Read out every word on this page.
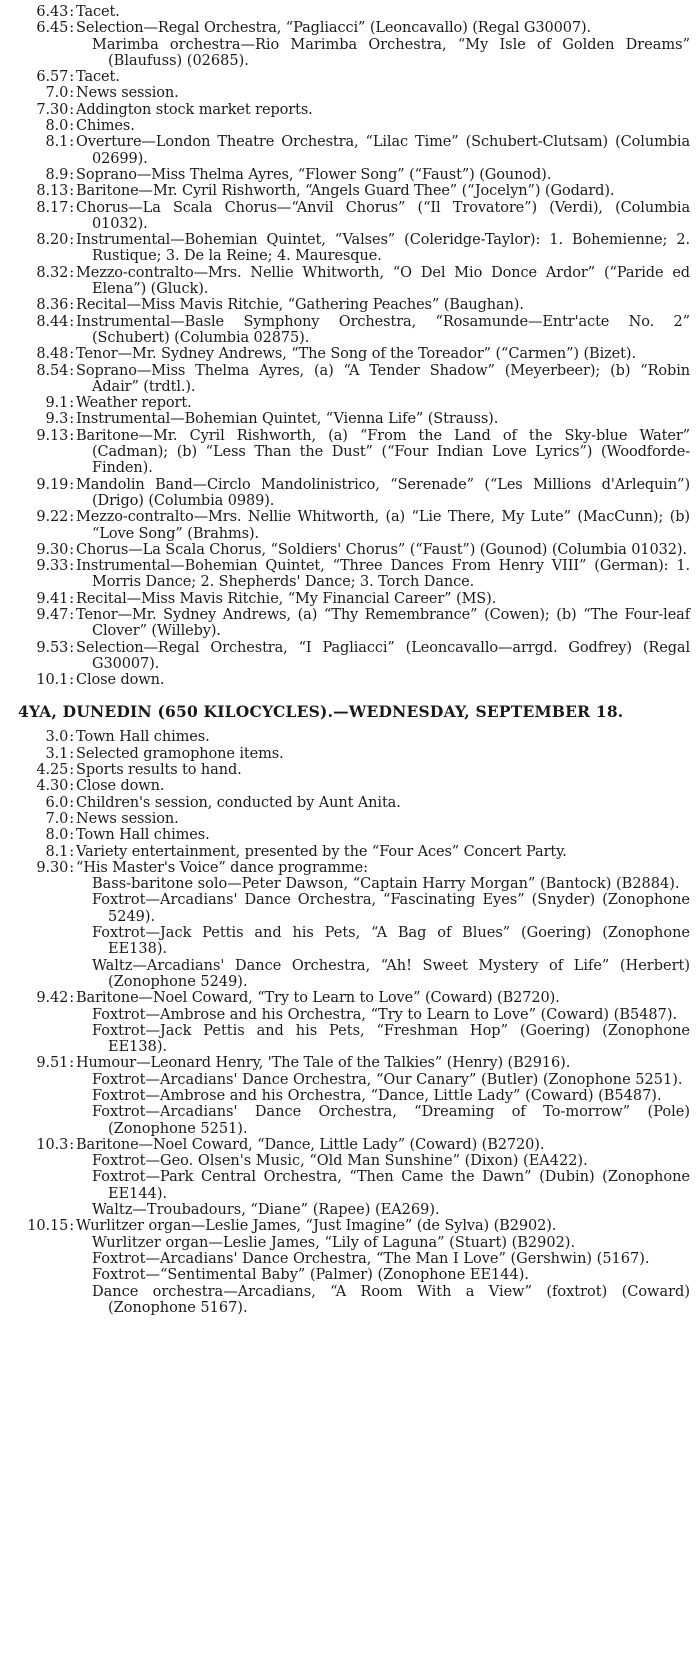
6.43 : Tacet.
6.45 : Selection—Regal Orchestra, “Pagliacci” (Leoncavallo) (Regal G30007).
Marimba orchestra—Rio Marimba Orchestra, “My Isle of Golden Dreams” (Blaufuss) (02685).
6.57 : Tacet.
7.0 : News session.
7.30 : Addington stock market reports.
8.0 : Chimes.
8.1 : Overture—London Theatre Orchestra, “Lilac Time” (Schubert-Clutsam) (Columbia 02699).
8.9 : Soprano—Miss Thelma Ayres, “Flower Song” (“Faust”) (Gounod).
8.13 : Baritone—Mr. Cyril Rishworth, “Angels Guard Thee” (“Jocelyn”) (Godard).
8.17 : Chorus—La Scala Chorus—“Anvil Chorus” (“Il Trovatore”) (Verdi), (Columbia 01032).
8.20 : Instrumental—Bohemian Quintet, “Valses” (Coleridge-Taylor): 1. Bohemienne; 2. Rustique; 3. De la Reine; 4. Mauresque.
8.32 : Mezzo-contralto—Mrs. Nellie Whitworth, “O Del Mio Donce Ardor” (“Paride ed Elena”) (Gluck).
8.36 : Recital—Miss Mavis Ritchie, “Gathering Peaches” (Baughan).
8.44 : Instrumental—Basle Symphony Orchestra, “Rosamunde—Entr'acte No. 2” (Schubert) (Columbia 02875).
8.48 : Tenor—Mr. Sydney Andrews, “The Song of the Toreador” (“Carmen”) (Bizet).
8.54 : Soprano—Miss Thelma Ayres, (a) “A Tender Shadow” (Meyerbeer); (b) “Robin Adair” (trdtl.).
9.1 : Weather report.
9.3 : Instrumental—Bohemian Quintet, “Vienna Life” (Strauss).
9.13 : Baritone—Mr. Cyril Rishworth, (a) “From the Land of the Sky-blue Water” (Cadman); (b) “Less Than the Dust” (“Four Indian Love Lyrics”) (Woodforde-Finden).
9.19 : Mandolin Band—Circlo Mandolinistrico, “Serenade” (“Les Millions d'Arlequin”) (Drigo) (Columbia 0989).
9.22 : Mezzo-contralto—Mrs. Nellie Whitworth, (a) “Lie There, My Lute” (MacCunn); (b) “Love Song” (Brahms).
9.30 : Chorus—La Scala Chorus, “Soldiers' Chorus” (“Faust”) (Gounod) (Columbia 01032).
9.33 : Instrumental—Bohemian Quintet, “Three Dances From Henry VIII” (German): 1. Morris Dance; 2. Shepherds' Dance; 3. Torch Dance.
9.41 : Recital—Miss Mavis Ritchie, “My Financial Career” (MS).
9.47 : Tenor—Mr. Sydney Andrews, (a) “Thy Remembrance” (Cowen); (b) “The Four-leaf Clover” (Willeby).
9.53 : Selection—Regal Orchestra, “I Pagliacci” (Leoncavallo—arrgd. Godfrey) (Regal G30007).
10.1 : Close down.
4YA, DUNEDIN (650 KILOCYCLES).—WEDNESDAY, SEPTEMBER 18.
3.0 : Town Hall chimes.
3.1 : Selected gramophone items.
4.25 : Sports results to hand.
4.30 : Close down.
6.0 : Children's session, conducted by Aunt Anita.
7.0 : News session.
8.0 : Town Hall chimes.
8.1 : Variety entertainment, presented by the “Four Aces” Concert Party.
9.30 : “His Master's Voice” dance programme:
Bass-baritone solo—Peter Dawson, “Captain Harry Morgan” (Bantock) (B2884).
Foxtrot—Arcadians' Dance Orchestra, “Fascinating Eyes” (Snyder) (Zonophone 5249).
Foxtrot—Jack Pettis and his Pets, “A Bag of Blues” (Goering) (Zonophone EE138).
Waltz—Arcadians' Dance Orchestra, “Ah! Sweet Mystery of Life” (Herbert) (Zonophone 5249).
9.42 : Baritone—Noel Coward, “Try to Learn to Love” (Coward) (B2720).
Foxtrot—Ambrose and his Orchestra, “Try to Learn to Love” (Coward) (B5487).
Foxtrot—Jack Pettis and his Pets, “Freshman Hop” (Goering) (Zonophone EE138).
9.51 : Humour—Leonard Henry, 'The Tale of the Talkies” (Henry) (B2916).
Foxtrot—Arcadians' Dance Orchestra, “Our Canary” (Butler) (Zonophone 5251).
Foxtrot—Ambrose and his Orchestra, “Dance, Little Lady” (Coward) (B5487).
Foxtrot—Arcadians' Dance Orchestra, “Dreaming of To-morrow” (Pole) (Zonophone 5251).
10.3 : Baritone—Noel Coward, “Dance, Little Lady” (Coward) (B2720).
Foxtrot—Geo. Olsen's Music, “Old Man Sunshine” (Dixon) (EA422).
Foxtrot—Park Central Orchestra, “Then Came the Dawn” (Dubin) (Zonophone EE144).
Waltz—Troubadours, “Diane” (Rapee) (EA269).
10.15 : Wurlitzer organ—Leslie James, “Just Imagine” (de Sylva) (B2902).
Wurlitzer organ—Leslie James, “Lily of Laguna” (Stuart) (B2902).
Foxtrot—Arcadians' Dance Orchestra, “The Man I Love” (Gershwin) (5167).
Foxtrot—“Sentimental Baby” (Palmer) (Zonophone EE144).
Dance orchestra—Arcadians, “A Room With a View” (foxtrot) (Coward) (Zonophone 5167).
